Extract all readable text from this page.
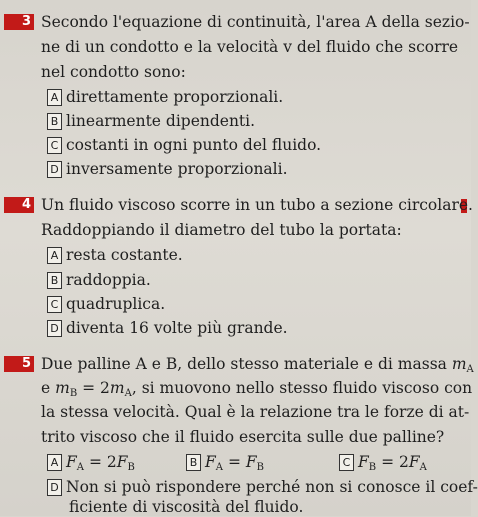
3 Secondo l'equazione di continuità, l'area A della sezio-
ne di un condotto e la velocità v del fluido che scorre
nel condotto sono:
A direttamente proporzionali.
B linearmente dipendenti.
C costanti in ogni punto del fluido.
D inversamente proporzionali.
4 Un fluido viscoso scorre in un tubo a sezione circolare.
Raddoppiando il diametro del tubo la portata:
A resta costante.
B raddoppia.
C quadruplica.
D diventa 16 volte più grande.
5 Due palline A e B, dello stesso materiale e di massa $m_A$
e $m_B = 2m_A$, si muovono nello stesso fluido viscoso con
la stessa velocità. Qual è la relazione tra le forze di at-
trito viscoso che il fluido esercita sulle due palline?
A $F_A = 2F_B$	B $F_A = F_B$	C $F_B = 2F_A$
D Non si può rispondere perché non si conosce il coef-
ficiente di viscosità del fluido.
